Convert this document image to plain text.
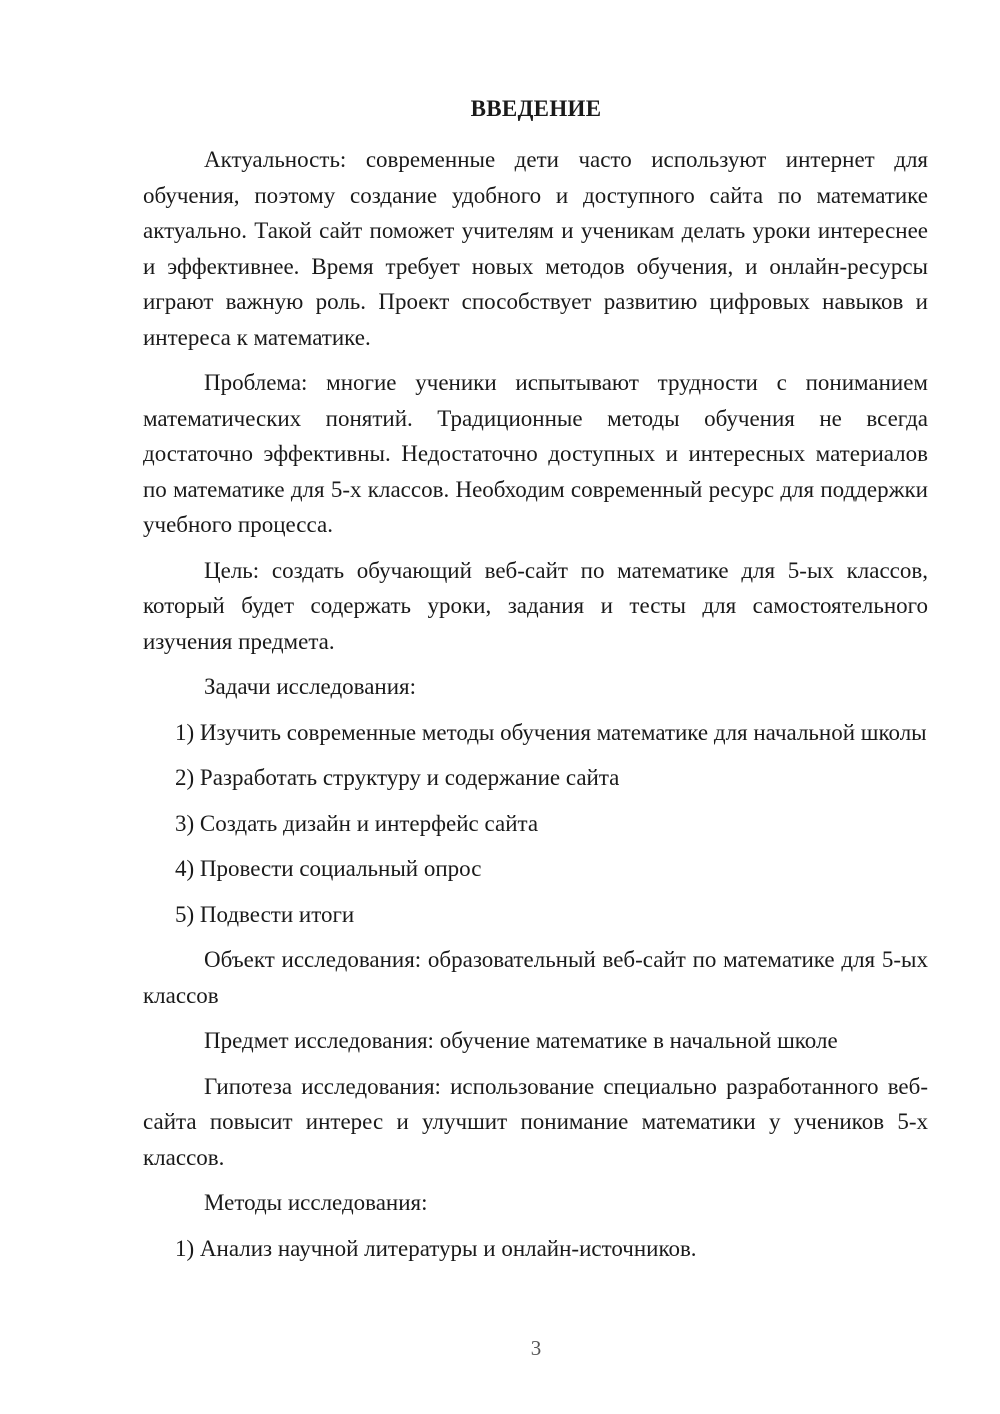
ВВЕДЕНИЕ

Актуальность: современные дети часто используют интернет для обучения, поэтому создание удобного и доступного сайта по математике актуально. Такой сайт поможет учителям и ученикам делать уроки интереснее и эффективнее. Время требует новых методов обучения, и онлайн-ресурсы играют важную роль. Проект способствует развитию цифровых навыков и интереса к математике.

Проблема: многие ученики испытывают трудности с пониманием математических понятий. Традиционные методы обучения не всегда достаточно эффективны. Недостаточно доступных и интересных материалов по математике для 5-х классов. Необходим современный ресурс для поддержки учебного процесса.

Цель: создать обучающий веб-сайт по математике для 5-ых классов, который будет содержать уроки, задания и тесты для самостоятельного изучения предмета.

Задачи исследования:

1) Изучить современные методы обучения математике для начальной школы

2) Разработать структуру и содержание сайта

3) Создать дизайн и интерфейс сайта

4) Провести социальный опрос

5) Подвести итоги

Объект исследования: образовательный веб-сайт по математике для 5-ых классов

Предмет исследования: обучение математике в начальной школе

Гипотеза исследования: использование специально разработанного веб-сайта повысит интерес и улучшит понимание математики у учеников 5-х классов.

Методы исследования:

1) Анализ научной литературы и онлайн-источников.

3
